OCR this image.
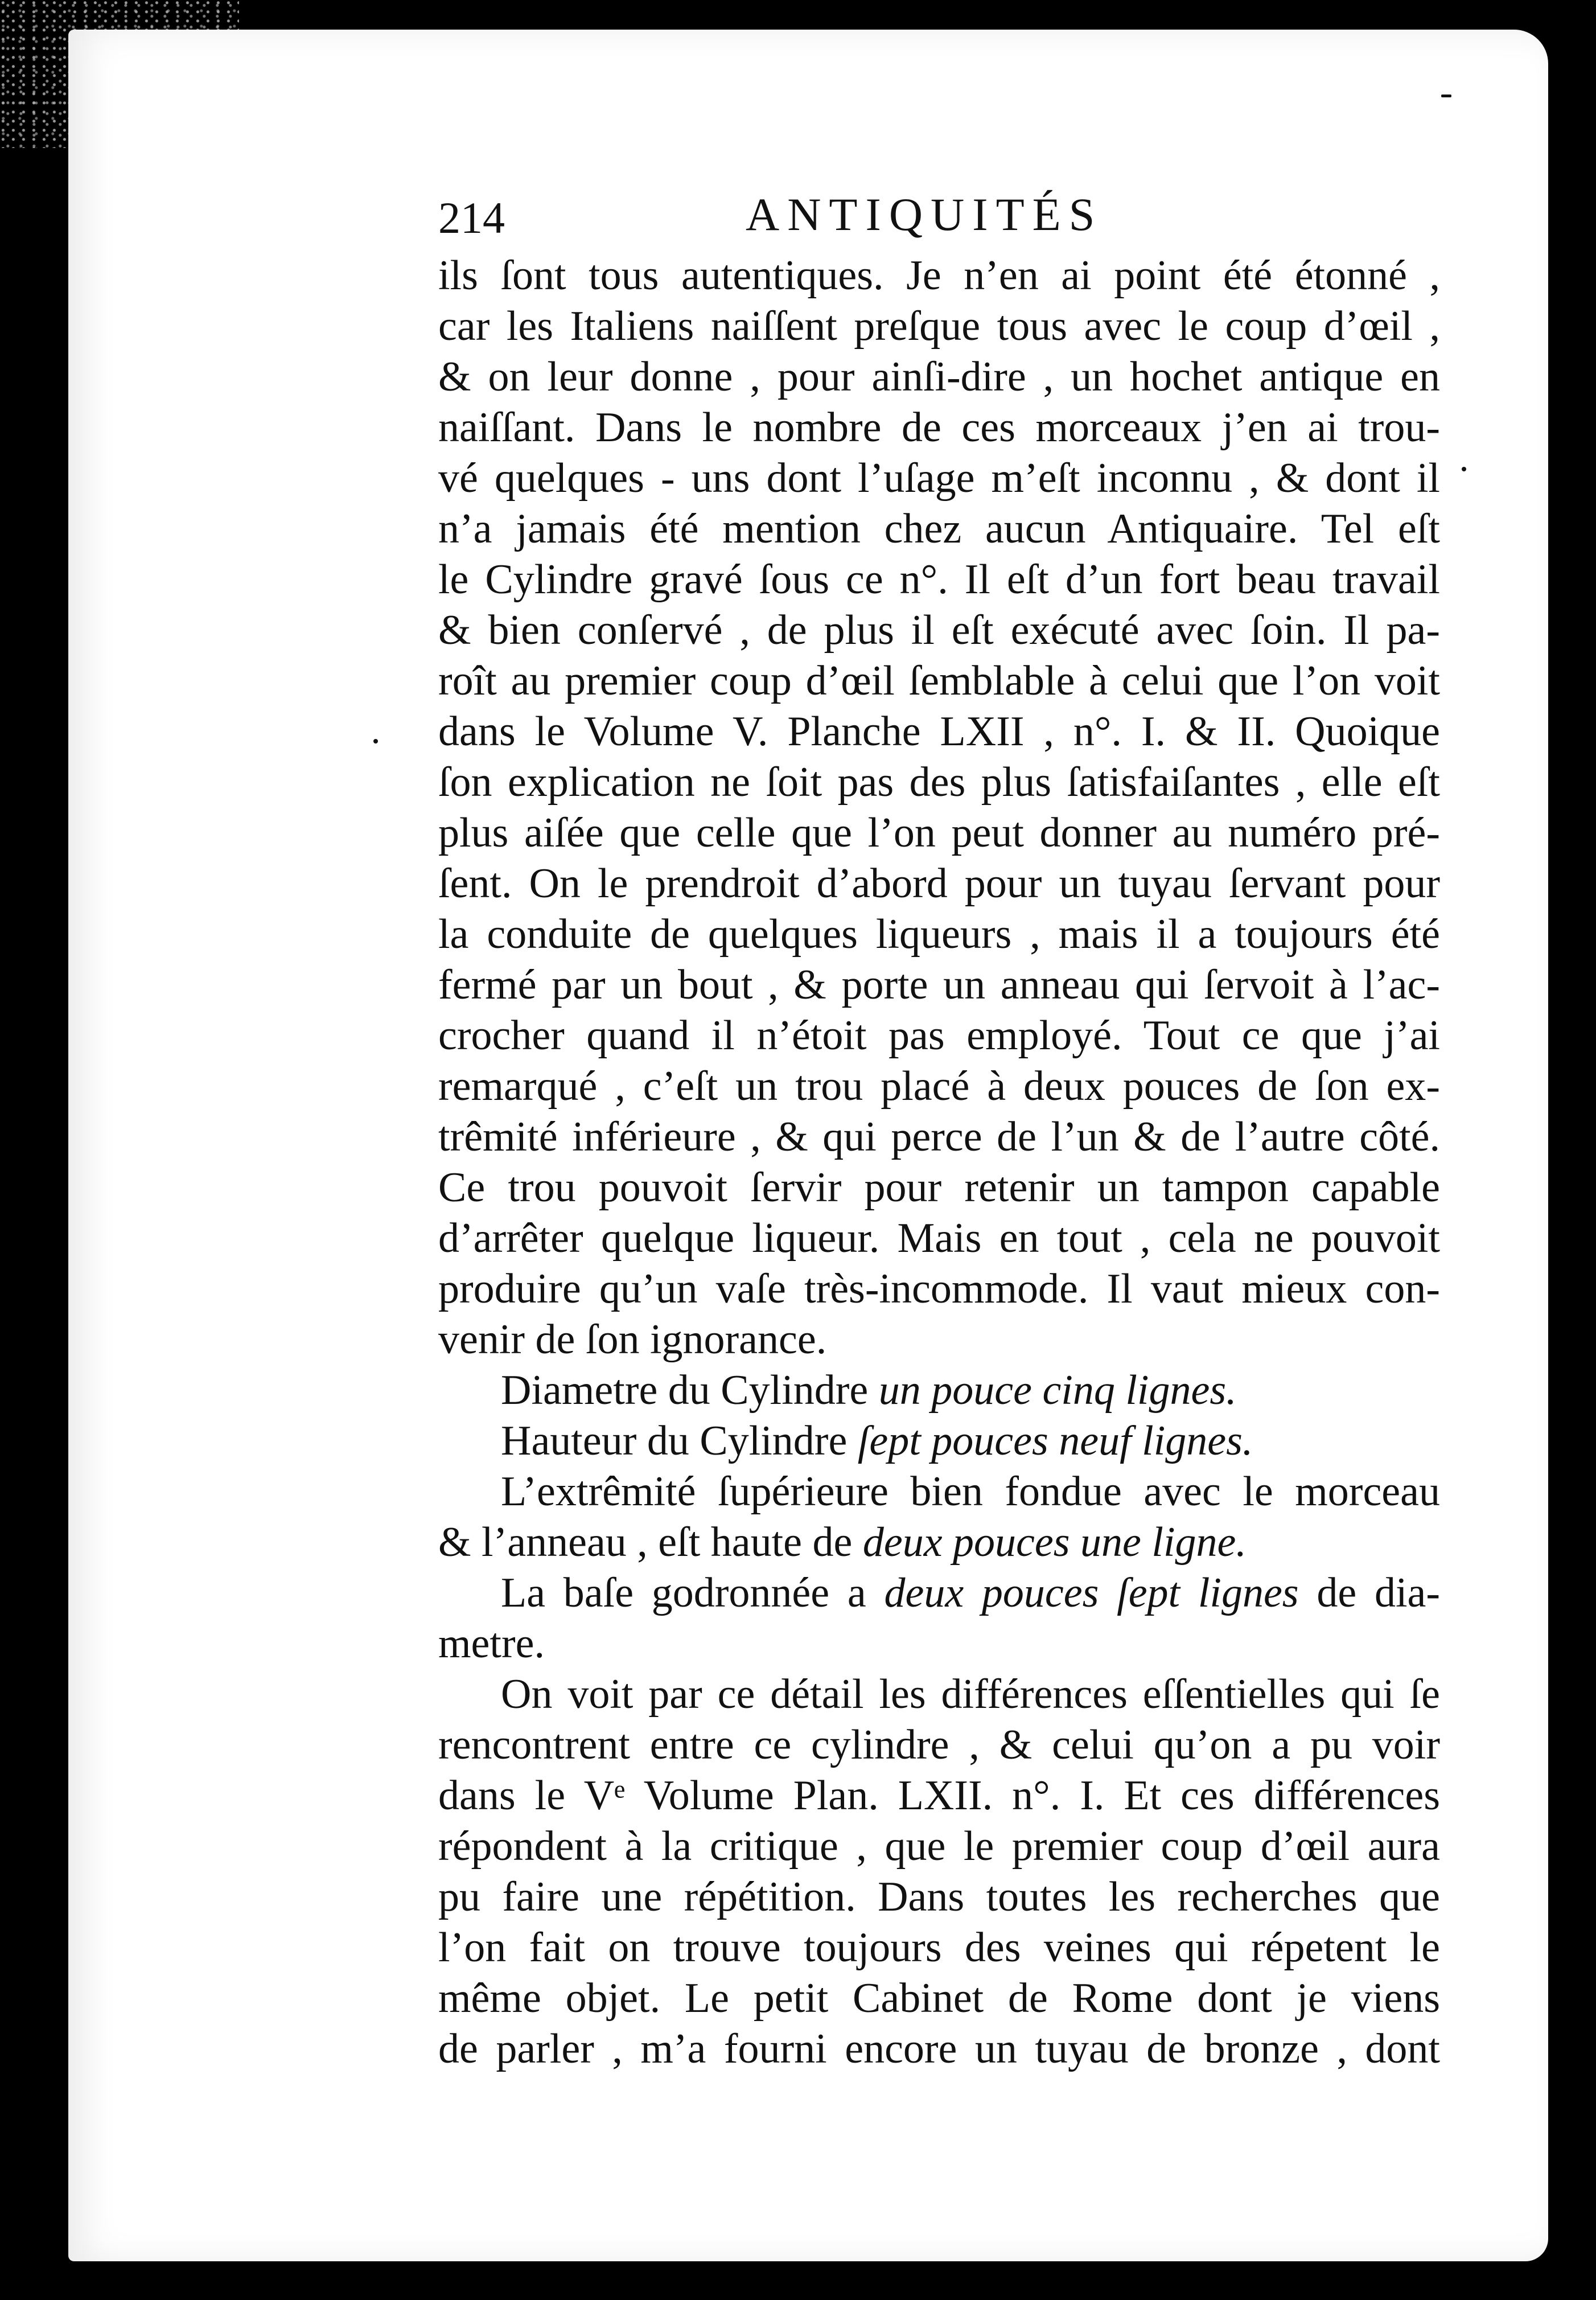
214	ANTIQUITÉS
ils ſont tous autentiques. Je n’en ai point été étonné ,
car les Italiens naiſſent preſque tous avec le coup d’œil ,
& on leur donne , pour ainſi-dire , un hochet antique en
naiſſant. Dans le nombre de ces morceaux j’en ai trou-
vé quelques - uns dont l’uſage m’eſt inconnu , & dont il
n’a jamais été mention chez aucun Antiquaire. Tel eſt
le Cylindre gravé ſous ce n°. Il eſt d’un fort beau travail
& bien conſervé , de plus il eſt exécuté avec ſoin. Il pa-
roît au premier coup d’œil ſemblable à celui que l’on voit
dans le Volume V. Planche LXII , n°. I. & II. Quoique
ſon explication ne ſoit pas des plus ſatisfaiſantes , elle eſt
plus aiſée que celle que l’on peut donner au numéro pré-
ſent. On le prendroit d’abord pour un tuyau ſervant pour
la conduite de quelques liqueurs , mais il a toujours été
fermé par un bout , & porte un anneau qui ſervoit à l’ac-
crocher quand il n’étoit pas employé. Tout ce que j’ai
remarqué , c’eſt un trou placé à deux pouces de ſon ex-
trêmité inférieure , & qui perce de l’un & de l’autre côté.
Ce trou pouvoit ſervir pour retenir un tampon capable
d’arrêter quelque liqueur. Mais en tout , cela ne pouvoit
produire qu’un vaſe très-incommode. Il vaut mieux con-
venir de ſon ignorance.
Diametre du Cylindre un pouce cinq lignes.
Hauteur du Cylindre ſept pouces neuf lignes.
L’extrêmité ſupérieure bien fondue avec le morceau
& l’anneau , eſt haute de deux pouces une ligne.
La baſe godronnée a deux pouces ſept lignes de dia-
metre.
On voit par ce détail les différences eſſentielles qui ſe
rencontrent entre ce cylindre , & celui qu’on a pu voir
dans le Vᵉ Volume Plan. LXII. n°. I. Et ces différences
répondent à la critique , que le premier coup d’œil aura
pu faire une répétition. Dans toutes les recherches que
l’on fait on trouve toujours des veines qui répetent le
même objet. Le petit Cabinet de Rome dont je viens
de parler , m’a fourni encore un tuyau de bronze , dont
